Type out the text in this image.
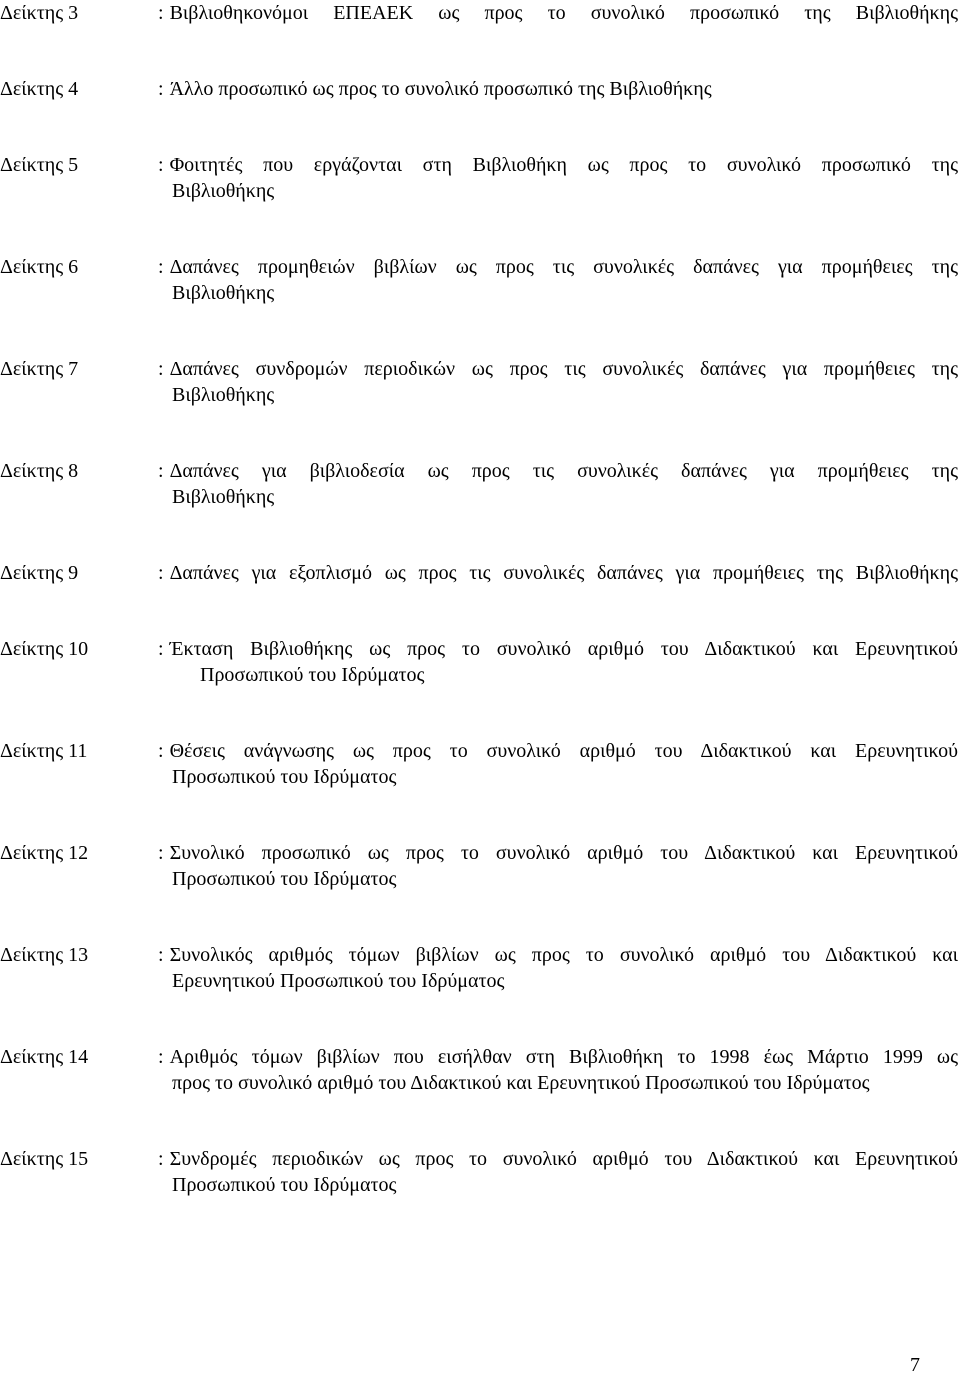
Δείκτης 3	: Βιβλιοθηκονόμοι ΕΠΕΑΕΚ ως προς το συνολικό προσωπικό της Βιβλιοθήκης
Δείκτης 4	: Άλλο προσωπικό ως προς το συνολικό προσωπικό της Βιβλιοθήκης
Δείκτης 5	: Φοιτητές που εργάζονται στη Βιβλιοθήκη ως προς το συνολικό προσωπικό της
Βιβλιοθήκης
Δείκτης 6	: Δαπάνες προμηθειών βιβλίων ως προς τις συνολικές δαπάνες για προμήθειες της
Βιβλιοθήκης
Δείκτης 7	: Δαπάνες συνδρομών περιοδικών ως προς τις συνολικές δαπάνες για προμήθειες της
Βιβλιοθήκης
Δείκτης 8	: Δαπάνες για βιβλιοδεσία ως προς τις συνολικές δαπάνες για προμήθειες της
Βιβλιοθήκης
Δείκτης 9	: Δαπάνες για εξοπλισμό ως προς τις συνολικές δαπάνες για προμήθειες της Βιβλιοθήκης
Δείκτης 10	: Έκταση Βιβλιοθήκης ως προς το συνολικό αριθμό του Διδακτικού και Ερευνητικού
Προσωπικού του Ιδρύματος
Δείκτης 11	: Θέσεις ανάγνωσης ως προς το συνολικό αριθμό του Διδακτικού και Ερευνητικού
Προσωπικού του Ιδρύματος
Δείκτης 12	: Συνολικό προσωπικό ως προς το συνολικό αριθμό του Διδακτικού και Ερευνητικού
Προσωπικού του Ιδρύματος
Δείκτης 13	: Συνολικός αριθμός τόμων βιβλίων ως προς το συνολικό αριθμό του Διδακτικού και
Ερευνητικού Προσωπικού του Ιδρύματος
Δείκτης 14	: Αριθμός τόμων βιβλίων που εισήλθαν στη Βιβλιοθήκη το 1998 έως Μάρτιο 1999 ως
προς το συνολικό αριθμό του Διδακτικού και Ερευνητικού Προσωπικού του Ιδρύματος
Δείκτης 15	: Συνδρομές περιοδικών ως προς το συνολικό αριθμό του Διδακτικού και Ερευνητικού
Προσωπικού του Ιδρύματος
7
